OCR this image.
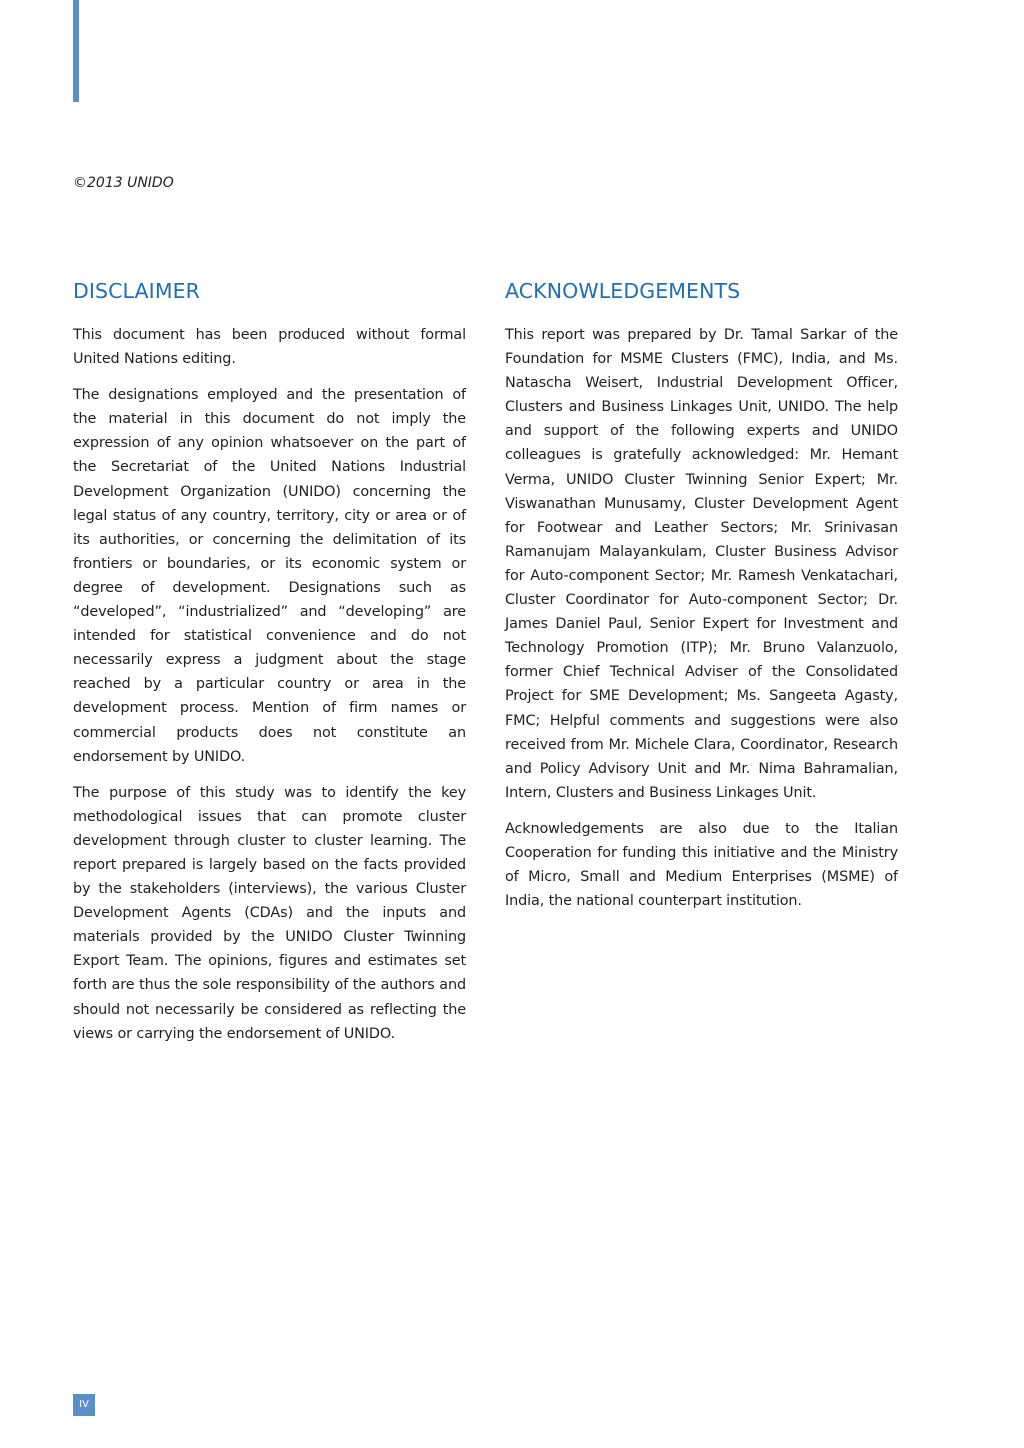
©2013 UNIDO
DISCLAIMER

This document has been produced without formal United Nations editing.

The designations employed and the presentation of the material in this document do not imply the expression of any opinion whatsoever on the part of the Secretariat of the United Nations Industrial Development Organization (UNIDO) concerning the legal status of any country, territory, city or area or of its authorities, or concerning the delimitation of its frontiers or boundaries, or its economic system or degree of development. Designations such as “developed”, “industrialized” and “developing” are intended for statistical convenience and do not necessarily express a judgment about the stage reached by a particular country or area in the development process. Mention of firm names or commercial products does not constitute an endorsement by UNIDO.

The purpose of this study was to identify the key methodological issues that can promote cluster development through cluster to cluster learning. The report prepared is largely based on the facts provided by the stakeholders (interviews), the various Cluster Development Agents (CDAs) and the inputs and materials provided by the UNIDO Cluster Twinning Export Team. The opinions, figures and estimates set forth are thus the sole responsibility of the authors and should not necessarily be considered as reflecting the views or carrying the endorsement of UNIDO.

ACKNOWLEDGEMENTS

This report was prepared by Dr. Tamal Sarkar of the Foundation for MSME Clusters (FMC), India, and Ms. Natascha Weisert, Industrial Development Officer, Clusters and Business Linkages Unit, UNIDO. The help and support of the following experts and UNIDO colleagues is gratefully acknowledged: Mr. Hemant Verma, UNIDO Cluster Twinning Senior Expert; Mr. Viswanathan Munusamy, Cluster Development Agent for Footwear and Leather Sectors; Mr. Srinivasan Ramanujam Malayankulam, Cluster Business Advisor for Auto-component Sector; Mr. Ramesh Venkatachari, Cluster Coordinator for Auto-component Sector; Dr. James Daniel Paul, Senior Expert for Investment and Technology Promotion (ITP); Mr. Bruno Valanzuolo, former Chief Technical Adviser of the Consolidated Project for SME Development; Ms. Sangeeta Agasty, FMC; Helpful comments and suggestions were also received from Mr. Michele Clara, Coordinator, Research and Policy Advisory Unit and Mr. Nima Bahramalian, Intern, Clusters and Business Linkages Unit.

Acknowledgements are also due to the Italian Cooperation for funding this initiative and the Ministry of Micro, Small and Medium Enterprises (MSME) of India, the national counterpart institution.

IV
